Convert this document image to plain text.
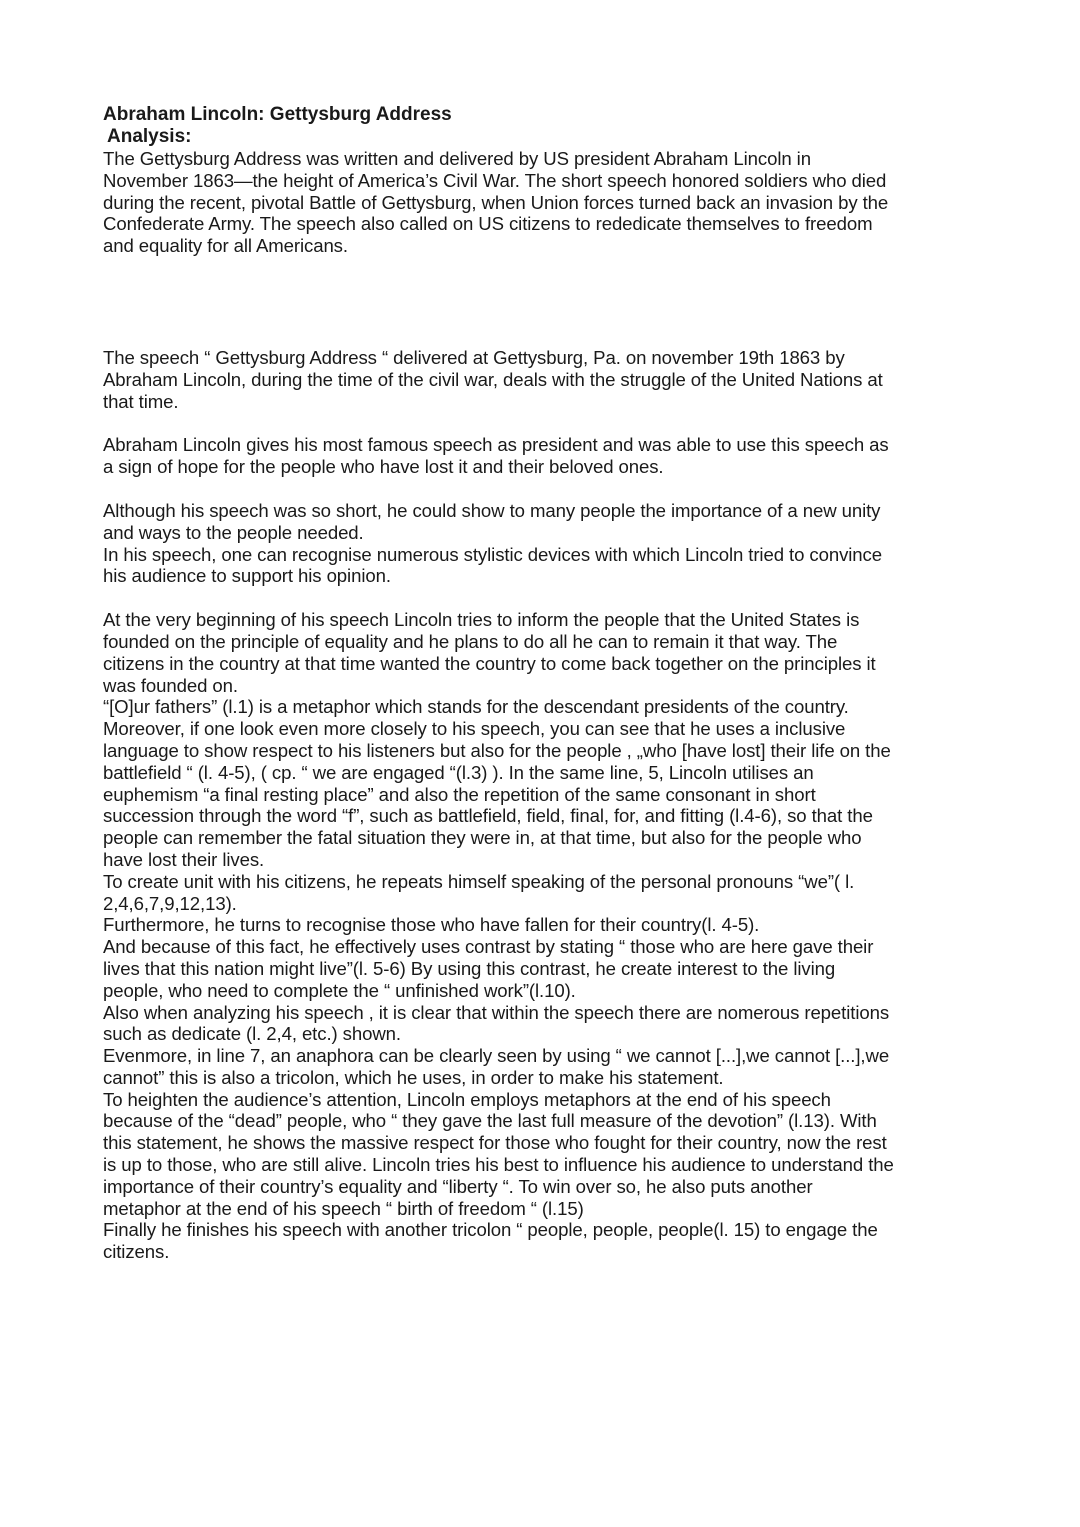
Abraham Lincoln: Gettysburg Address

Analysis:

The Gettysburg Address was written and delivered by US president Abraham Lincoln in
November 1863—the height of America’s Civil War. The short speech honored soldiers who died
during the recent, pivotal Battle of Gettysburg, when Union forces turned back an invasion by the
Confederate Army. The speech also called on US citizens to rededicate themselves to freedom
and equality for all Americans.

The speech “ Gettysburg Address “ delivered at Gettysburg, Pa. on november 19th 1863 by
Abraham Lincoln, during the time of the civil war, deals with the struggle of the United Nations at
that time.

Abraham Lincoln gives his most famous speech as president and was able to use this speech as
a sign of hope for the people who have lost it and their beloved ones.

Although his speech was so short, he could show to many people the importance of a new unity
and ways to the people needed.
In his speech, one can recognise numerous stylistic devices with which Lincoln tried to convince
his audience to support his opinion.

At the very beginning of his speech Lincoln tries to inform the people that the United States is
founded on the principle of equality and he plans to do all he can to remain it that way. The
citizens in the country at that time wanted the country to come back together on the principles it
was founded on.
“[O]ur fathers” (l.1) is a metaphor which stands for the descendant presidents of the country.
Moreover, if one look even more closely to his speech, you can see that he uses a inclusive
language to show respect to his listeners but also for the people , „who [have lost] their life on the
battlefield “ (l. 4-5), ( cp. “ we are engaged “(l.3) ). In the same line, 5, Lincoln utilises an
euphemism “a final resting place” and also the repetition of the same consonant in short
succession through the word “f”, such as battlefield, field, final, for, and fitting (l.4-6), so that the
people can remember the fatal situation they were in, at that time, but also for the people who
have lost their lives.
To create unit with his citizens, he repeats himself speaking of the personal pronouns “we”( l.
2,4,6,7,9,12,13).
Furthermore, he turns to recognise those who have fallen for their country(l. 4-5).
And because of this fact, he effectively uses contrast by stating “ those who are here gave their
lives that this nation might live”(l. 5-6) By using this contrast, he create interest to the living
people, who need to complete the “ unfinished work”(l.10).
Also when analyzing his speech , it is clear that within the speech there are nomerous repetitions
such as dedicate (l. 2,4, etc.) shown.
Evenmore, in line 7, an anaphora can be clearly seen by using “ we cannot [...],we cannot [...],we
cannot” this is also a tricolon, which he uses, in order to make his statement.
To heighten the audience’s attention, Lincoln employs metaphors at the end of his speech
because of the “dead” people, who “ they gave the last full measure of the devotion” (l.13). With
this statement, he shows the massive respect for those who fought for their country, now the rest
is up to those, who are still alive. Lincoln tries his best to influence his audience to understand the
importance of their country’s equality and “liberty “. To win over so, he also puts another
metaphor at the end of his speech “ birth of freedom “ (l.15)
Finally he finishes his speech with another tricolon “ people, people, people(l. 15) to engage the
citizens.
